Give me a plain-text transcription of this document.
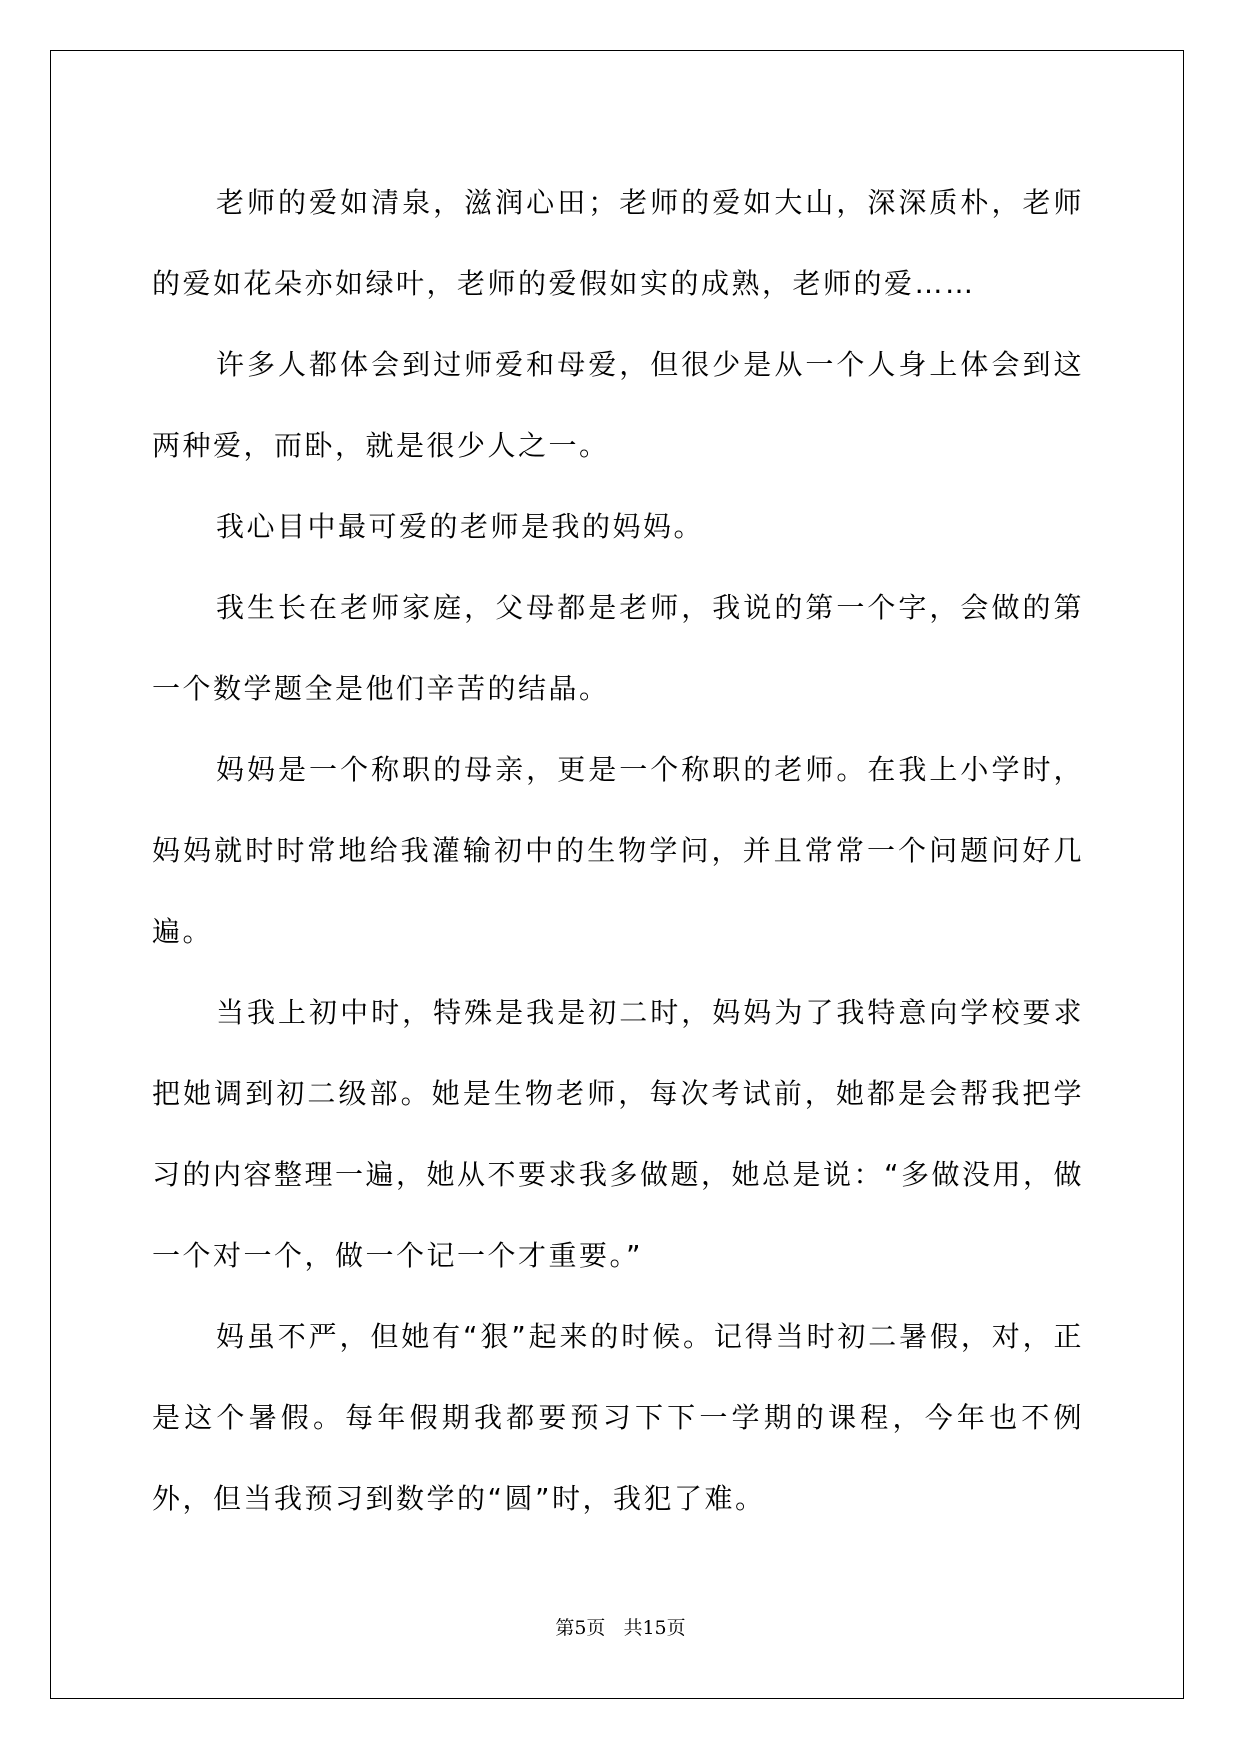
老师的爱如清泉，滋润心田；老师的爱如大山，深深质朴，老师的爱如花朵亦如绿叶，老师的爱假如实的成熟，老师的爱……

许多人都体会到过师爱和母爱，但很少是从一个人身上体会到这两种爱，而卧，就是很少人之一。

我心目中最可爱的老师是我的妈妈。

我生长在老师家庭，父母都是老师，我说的第一个字，会做的第一个数学题全是他们辛苦的结晶。

妈妈是一个称职的母亲，更是一个称职的老师。在我上小学时，妈妈就时时常地给我灌输初中的生物学问，并且常常一个问题问好几遍。

当我上初中时，特殊是我是初二时，妈妈为了我特意向学校要求把她调到初二级部。她是生物老师，每次考试前，她都是会帮我把学习的内容整理一遍，她从不要求我多做题，她总是说：“多做没用，做一个对一个，做一个记一个才重要。”

妈虽不严，但她有“狠”起来的时候。记得当时初二暑假，对，正是这个暑假。每年假期我都要预习下下一学期的课程，今年也不例外，但当我预习到数学的“圆”时，我犯了难。

第5页 共15页
